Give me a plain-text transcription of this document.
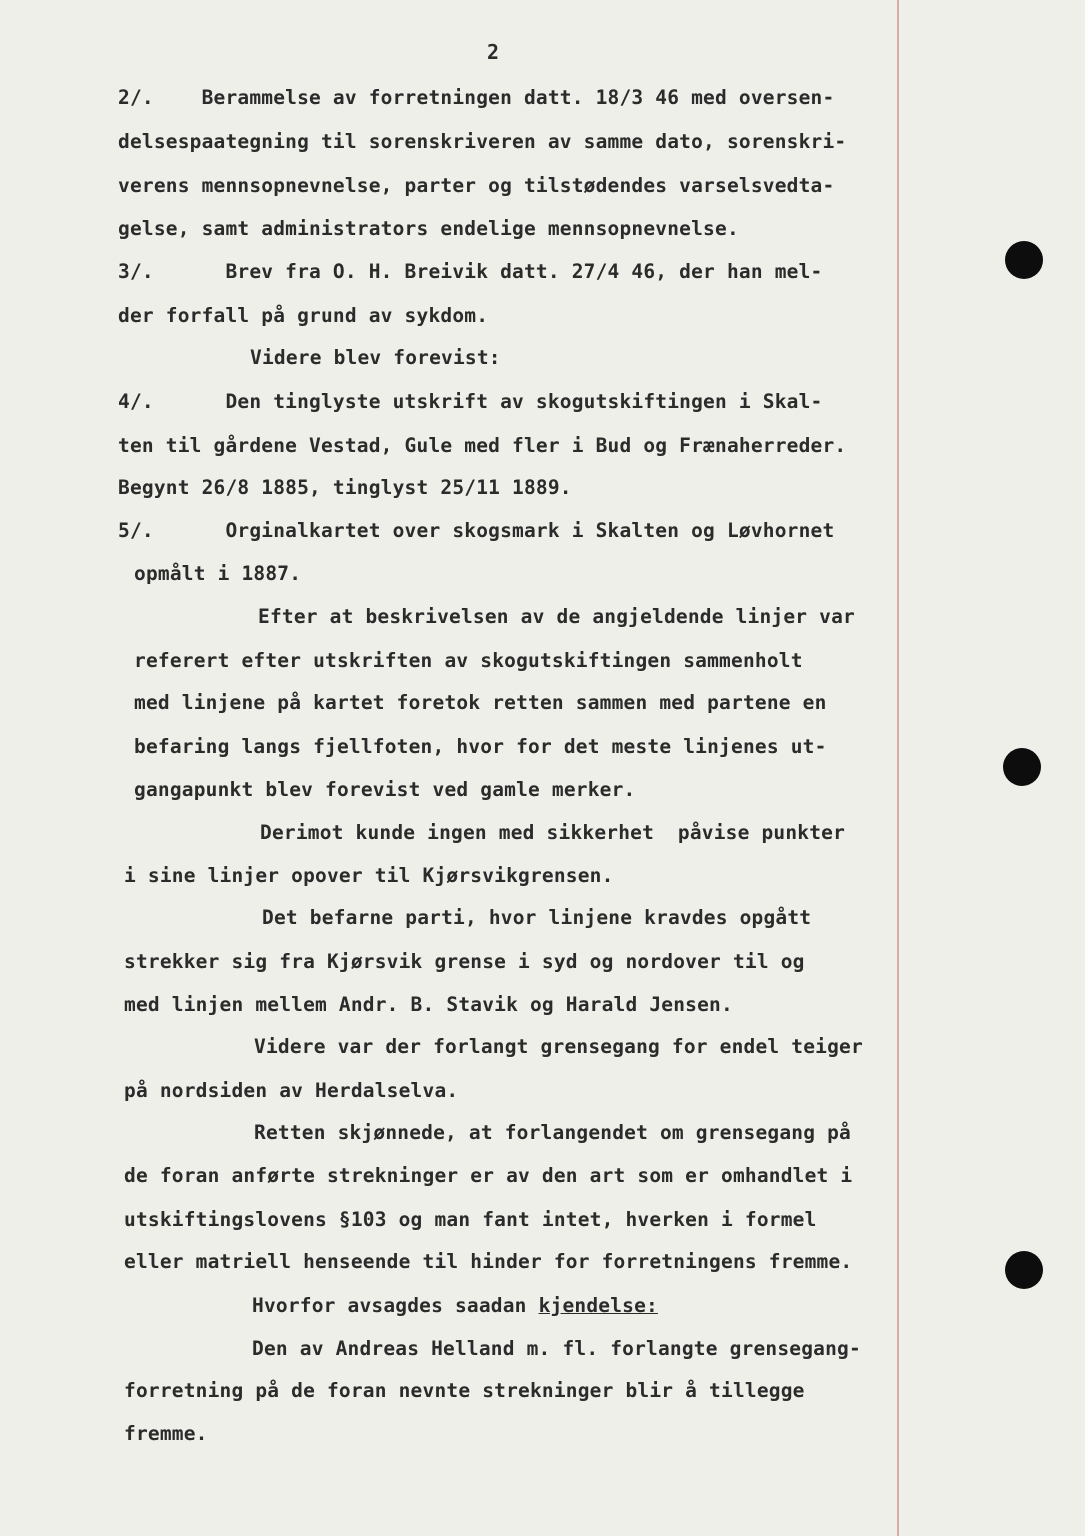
2
2/.    Berammelse av forretningen datt. 18/3 46 med oversen-
delsespaategning til sorenskriveren av samme dato, sorenskri-
verens mennsopnevnelse, parter og tilstødendes varselsvedta-
gelse, samt administrators endelige mennsopnevnelse.
3/.      Brev fra O. H. Breivik datt. 27/4 46, der han mel-
der forfall på grund av sykdom.
Videre blev forevist:
4/.      Den tinglyste utskrift av skogutskiftingen i Skal-
ten til gårdene Vestad, Gule med fler i Bud og Frænaherreder.
Begynt 26/8 1885, tinglyst 25/11 1889.
5/.      Orginalkartet over skogsmark i Skalten og Løvhornet
opmålt i 1887.
Efter at beskrivelsen av de angjeldende linjer var
referert efter utskriften av skogutskiftingen sammenholt
med linjene på kartet foretok retten sammen med partene en
befaring langs fjellfoten, hvor for det meste linjenes ut-
gangapunkt blev forevist ved gamle merker.
Derimot kunde ingen med sikkerhet  påvise punkter
i sine linjer opover til Kjørsvikgrensen.
Det befarne parti, hvor linjene kravdes opgått
strekker sig fra Kjørsvik grense i syd og nordover til og
med linjen mellem Andr. B. Stavik og Harald Jensen.
Videre var der forlangt grensegang for endel teiger
på nordsiden av Herdalselva.
Retten skjønnede, at forlangendet om grensegang på
de foran anførte strekninger er av den art som er omhandlet i
utskiftingslovens §103 og man fant intet, hverken i formel
eller matriell henseende til hinder for forretningens fremme.
Hvorfor avsagdes saadan kjendelse:
Den av Andreas Helland m. fl. forlangte grensegang-
forretning på de foran nevnte strekninger blir å tillegge
fremme.
